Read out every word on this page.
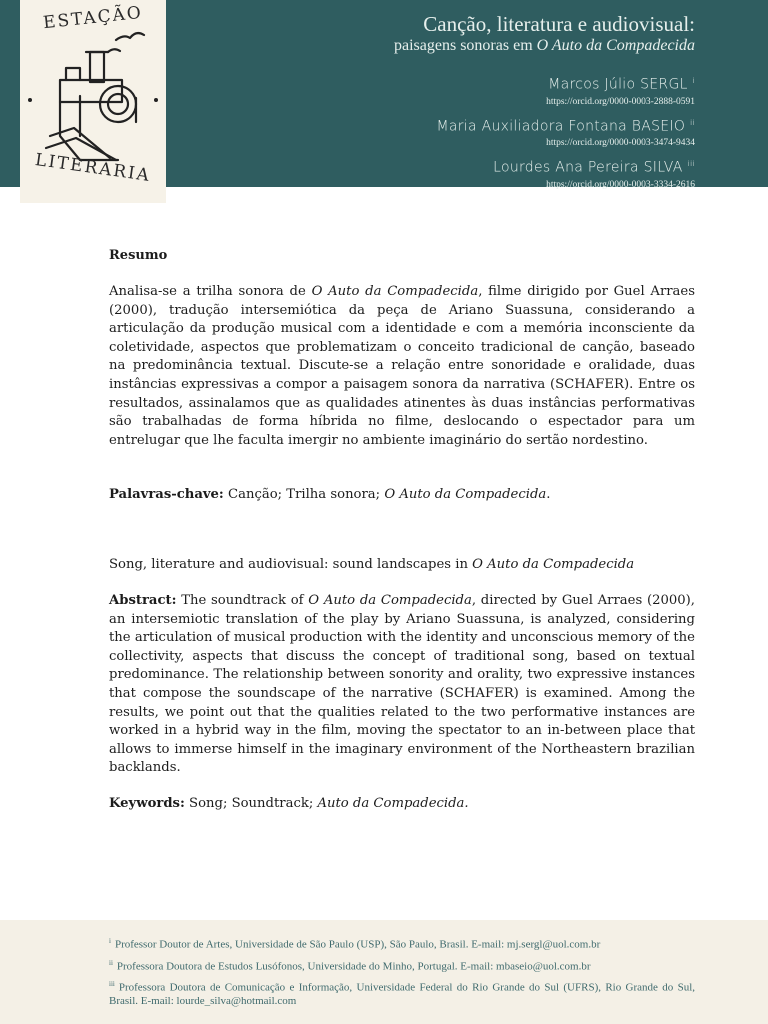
ESTAÇÃO
LITERÁRIA
Canção, literatura e audiovisual:
paisagens sonoras em O Auto da Compadecida
Marcos Júlio SERGL $^i$
https://orcid.org/0000-0003-2888-0591
Maria Auxiliadora Fontana BASEIO $^{ii}$
https://orcid.org/0000-0003-3474-9434
Lourdes Ana Pereira SILVA $^{iii}$
https://orcid.org/0000-0003-3334-2616
Resumo
Analisa-se a trilha sonora de O Auto da Compadecida, filme dirigido por Guel Arraes (2000), tradução intersemiótica da peça de Ariano Suassuna, considerando a articulação da produção musical com a identidade e com a memória inconsciente da coletividade, aspectos que problematizam o conceito tradicional de canção, baseado na predominância textual. Discute-se a relação entre sonoridade e oralidade, duas instâncias expressivas a compor a paisagem sonora da narrativa (SCHAFER). Entre os resultados, assinalamos que as qualidades atinentes às duas instâncias performativas são trabalhadas de forma híbrida no filme, deslocando o espectador para um entrelugar que lhe faculta imergir no ambiente imaginário do sertão nordestino.
Palavras-chave: Canção; Trilha sonora; O Auto da Compadecida.
Song, literature and audiovisual: sound landscapes in O Auto da Compadecida
Abstract: The soundtrack of O Auto da Compadecida, directed by Guel Arraes (2000), an intersemiotic translation of the play by Ariano Suassuna, is analyzed, considering the articulation of musical production with the identity and unconscious memory of the collectivity, aspects that discuss the concept of traditional song, based on textual predominance. The relationship between sonority and orality, two expressive instances that compose the soundscape of the narrative (SCHAFER) is examined. Among the results, we point out that the qualities related to the two performative instances are worked in a hybrid way in the film, moving the spectator to an in-between place that allows to immerse himself in the imaginary environment of the Northeastern brazilian backlands.
Keywords: Song; Soundtrack; Auto da Compadecida.
$^i$ Professor Doutor de Artes, Universidade de São Paulo (USP), São Paulo, Brasil. E-mail: mj.sergl@uol.com.br
$^{ii}$ Professora Doutora de Estudos Lusófonos, Universidade do Minho, Portugal. E-mail: mbaseio@uol.com.br
$^{iii}$ Professora Doutora de Comunicação e Informação, Universidade Federal do Rio Grande do Sul (UFRS), Rio Grande do Sul, Brasil. E-mail: lourde_silva@hotmail.com
